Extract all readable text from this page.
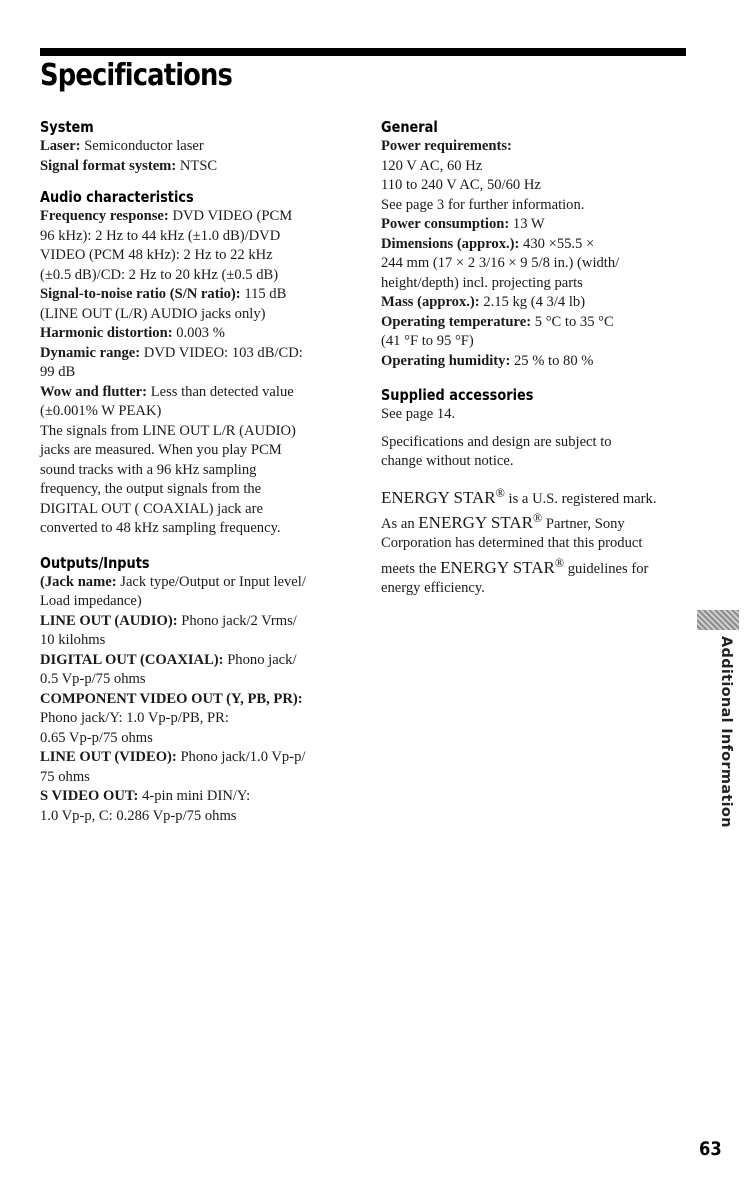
Specifications

System

Laser: Semiconductor laser

Signal format system: NTSC

Audio characteristics

Frequency response: DVD VIDEO (PCM
96 kHz): 2 Hz to 44 kHz (±1.0 dB)/DVD
VIDEO (PCM 48 kHz): 2 Hz to 22 kHz
(±0.5 dB)/CD: 2 Hz to 20 kHz (±0.5 dB)

Signal-to-noise ratio (S/N ratio): 115 dB
(LINE OUT (L/R) AUDIO jacks only)

Harmonic distortion: 0.003 %

Dynamic range: DVD VIDEO: 103 dB/CD:
99 dB

Wow and flutter: Less than detected value
(±0.001% W PEAK)

The signals from LINE OUT L/R (AUDIO)
jacks are measured. When you play PCM
sound tracks with a 96 kHz sampling
frequency, the output signals from the
DIGITAL OUT ( COAXIAL) jack are
converted to 48 kHz sampling frequency.

Outputs/Inputs

(Jack name: Jack type/Output or Input level/
Load impedance)

LINE OUT (AUDIO): Phono jack/2 Vrms/
10 kilohms

DIGITAL OUT (COAXIAL): Phono jack/
0.5 Vp-p/75 ohms

COMPONENT VIDEO OUT (Y, PB, PR):
Phono jack/Y: 1.0 Vp-p/PB, PR:
0.65 Vp-p/75 ohms

LINE OUT (VIDEO): Phono jack/1.0 Vp-p/
75 ohms

S VIDEO OUT: 4-pin mini DIN/Y:
1.0 Vp-p, C: 0.286 Vp-p/75 ohms

General

Power requirements:
120 V AC, 60 Hz
110 to 240 V AC, 50/60 Hz
See page 3 for further information.

Power consumption: 13 W

Dimensions (approx.): 430 ×55.5 ×
244 mm (17 × 2 3/16 × 9 5/8 in.) (width/
height/depth) incl. projecting parts

Mass (approx.): 2.15 kg (4 3/4 lb)

Operating temperature: 5 °C to 35 °C
(41 °F to 95 °F)

Operating humidity: 25 % to 80 %

Supplied accessories

See page 14.

Specifications and design are subject to
change without notice.

ENERGY STAR® is a U.S. registered mark.
As an ENERGY STAR® Partner, Sony
Corporation has determined that this product
meets the ENERGY STAR® guidelines for
energy efficiency.

Additional Information
63
